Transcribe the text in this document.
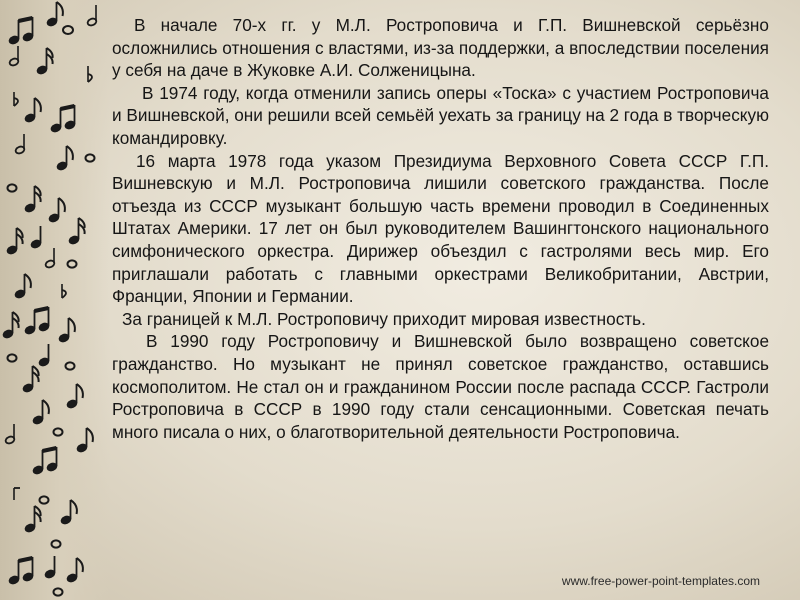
В начале 70-х гг. у М.Л. Ростроповича и Г.П. Вишневской серьёзно осложнились отношения с властями, из-за поддержки, а впоследствии поселения у себя на даче в Жуковке А.И. Солженицына.

В 1974 году, когда отменили запись оперы «Тоска» с участием Ростроповича и Вишневской, они решили всей семьёй уехать за границу на 2 года в творческую командировку.

16 марта 1978 года указом Президиума Верховного Совета СССР Г.П. Вишневскую и М.Л. Ростроповича лишили советского гражданства. После отъезда из СССР музыкант большую часть времени проводил в Соединенных Штатах Америки. 17 лет он был руководителем Вашингтонского национального симфонического оркестра. Дирижер объездил с гастролями весь мир. Его приглашали работать с главными оркестрами Великобритании, Австрии, Франции, Японии и Германии.

За границей к М.Л. Ростроповичу приходит мировая известность.

В 1990 году Ростроповичу и Вишневской было возвращено советское гражданство. Но музыкант не принял советское гражданство, оставшись космополитом. Не стал он и гражданином России после распада СССР. Гастроли Ростроповича в СССР в 1990 году стали сенсационными. Советская печать много писала о них, о благотворительной деятельности Ростроповича.

www.free-power-point-templates.com
